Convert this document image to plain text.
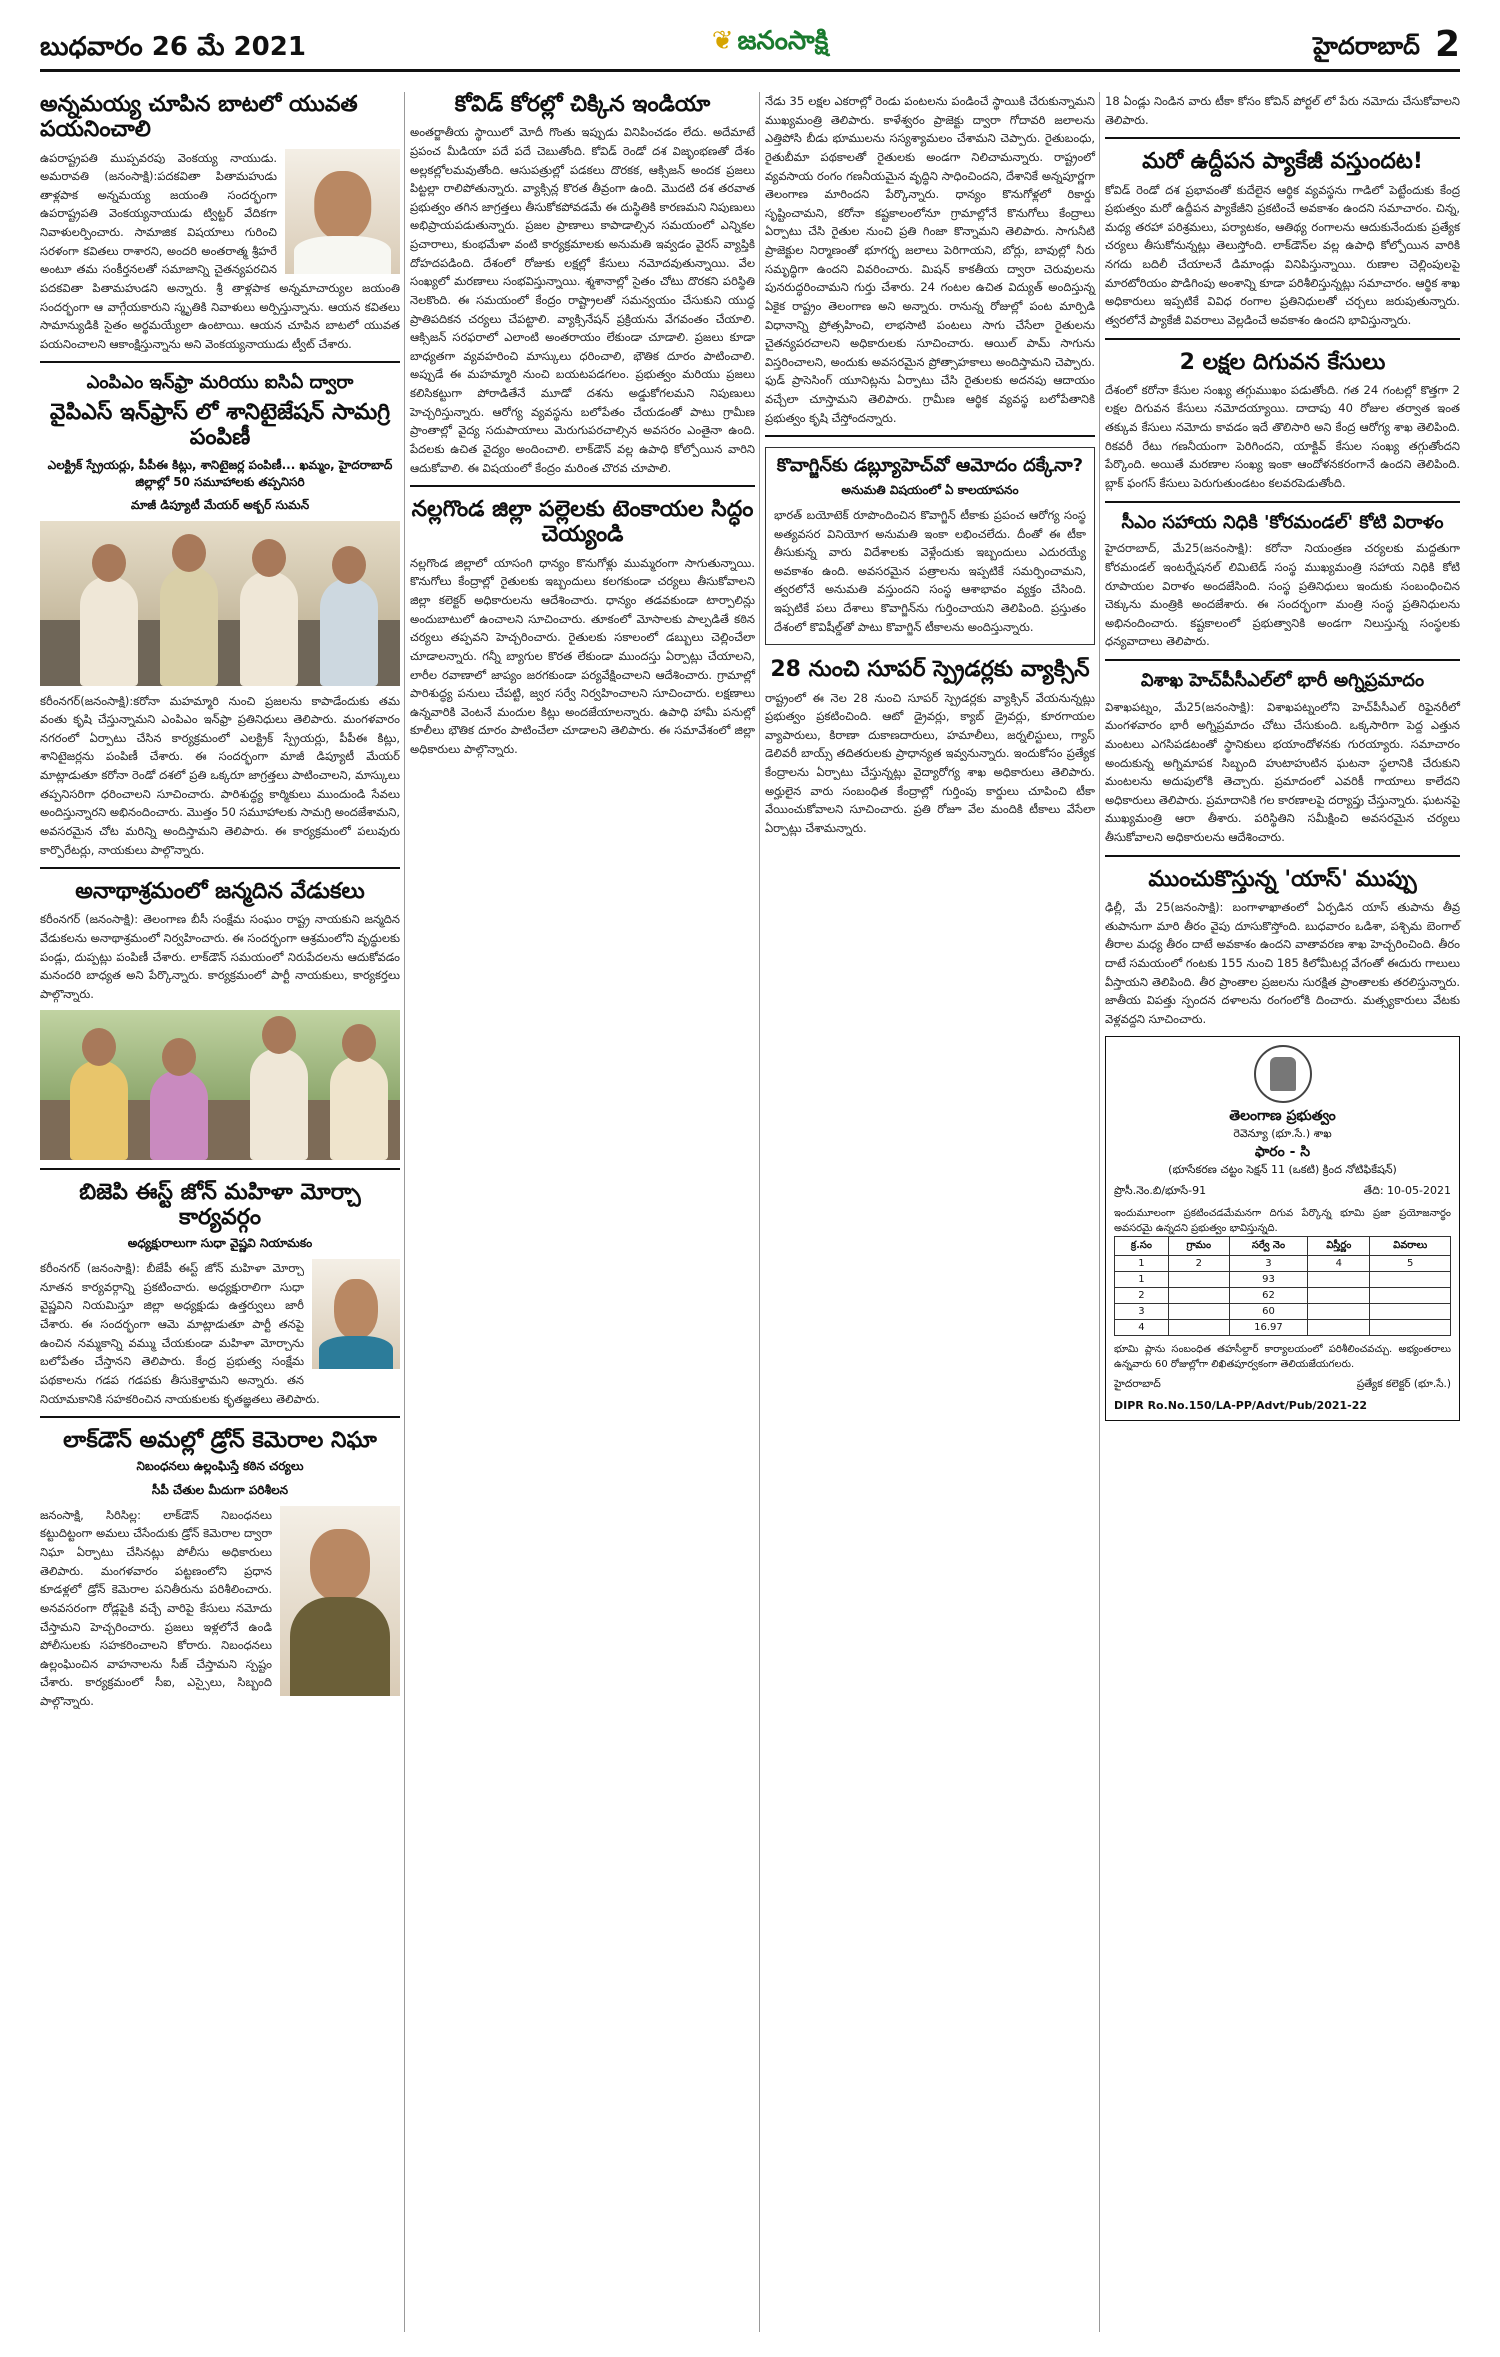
బుధవారం 26 మే 2021	❦ జనంసాక్షి	హైదరాబాద్ 2
అన్నమయ్య చూపిన బాటలో యువత పయనించాలి
ఉపరాష్ట్రపతి ముప్పవరపు వెంకయ్య నాయుడు. అమరావతి (జనంసాక్షి):పదకవితా పితామహుడు తాళ్లపాక అన్నమయ్య జయంతి సందర్భంగా ఉపరాష్ట్రపతి వెంకయ్యనాయుడు ట్విట్టర్ వేదికగా నివాళులర్పించారు. సామాజిక విషయాలు గురించి సరళంగా కవితలు రాశారని, అందరి అంతరాత్మ శ్రీహరే అంటూ తమ సంకీర్తనలతో సమాజాన్ని చైతన్యపరచిన పదకవితా పితామహుడని అన్నారు. శ్రీ తాళ్లపాక అన్నమాచార్యుల జయంతి సందర్భంగా ఆ వాగ్గేయకారుని స్మృతికి నివాళులు అర్పిస్తున్నాను. ఆయన కవితలు సామాన్యుడికి సైతం అర్థమయ్యేలా ఉంటాయి. ఆయన చూపిన బాటలో యువత పయనించాలని ఆకాంక్షిస్తున్నాను అని వెంకయ్యనాయుడు ట్వీట్ చేశారు.
ఎంపిఎం ఇన్‌ఫ్రా మరియు ఐసిఏ ద్వారా
వైపిఎస్ ఇన్‌ఫ్రాస్ లో శానిటైజేషన్ సామగ్రి పంపిణీ
ఎలక్ట్రిక్ స్ప్రేయర్లు, పీపీఈ కిట్లు, శానిటైజర్ల పంపిణీ... ఖమ్మం, హైదరాబాద్ జిల్లాల్లో 50 సమూహాలకు తప్పనిసరి
మాజీ డిప్యూటీ మేయర్ అక్బర్ సుమన్
కరీంనగర్(జనంసాక్షి):కరోనా మహమ్మారి నుంచి ప్రజలను కాపాడేందుకు తమ వంతు కృషి చేస్తున్నామని ఎంపిఎం ఇన్‌ఫ్రా ప్రతినిధులు తెలిపారు. మంగళవారం నగరంలో ఏర్పాటు చేసిన కార్యక్రమంలో ఎలక్ట్రిక్ స్ప్రేయర్లు, పీపీఈ కిట్లు, శానిటైజర్లను పంపిణీ చేశారు. ఈ సందర్భంగా మాజీ డిప్యూటీ మేయర్ మాట్లాడుతూ కరోనా రెండో దశలో ప్రతి ఒక్కరూ జాగ్రత్తలు పాటించాలని, మాస్కులు తప్పనిసరిగా ధరించాలని సూచించారు. పారిశుద్ధ్య కార్మికులు ముందుండి సేవలు అందిస్తున్నారని అభినందించారు. మొత్తం 50 సమూహాలకు సామగ్రి అందజేశామని, అవసరమైన చోట మరిన్ని అందిస్తామని తెలిపారు. ఈ కార్యక్రమంలో పలువురు కార్పొరేటర్లు, నాయకులు పాల్గొన్నారు.
అనాథాశ్రమంలో జన్మదిన వేడుకలు
కరీంనగర్ (జనంసాక్షి): తెలంగాణ బీసీ సంక్షేమ సంఘం రాష్ట్ర నాయకుని జన్మదిన వేడుకలను అనాథాశ్రమంలో నిర్వహించారు. ఈ సందర్భంగా ఆశ్రమంలోని వృద్ధులకు పండ్లు, దుప్పట్లు పంపిణీ చేశారు. లాక్‌డౌన్ సమయంలో నిరుపేదలను ఆదుకోవడం మనందరి బాధ్యత అని పేర్కొన్నారు. కార్యక్రమంలో పార్టీ నాయకులు, కార్యకర్తలు పాల్గొన్నారు.
బిజెపి ఈస్ట్ జోన్ మహిళా మోర్చా కార్యవర్గం
అధ్యక్షురాలుగా సుధా వైష్ణవి నియామకం
కరీంనగర్ (జనంసాక్షి): బీజేపీ ఈస్ట్ జోన్ మహిళా మోర్చా నూతన కార్యవర్గాన్ని ప్రకటించారు. అధ్యక్షురాలిగా సుధా వైష్ణవిని నియమిస్తూ జిల్లా అధ్యక్షుడు ఉత్తర్వులు జారీ చేశారు. ఈ సందర్భంగా ఆమె మాట్లాడుతూ పార్టీ తనపై ఉంచిన నమ్మకాన్ని వమ్ము చేయకుండా మహిళా మోర్చాను బలోపేతం చేస్తానని తెలిపారు. కేంద్ర ప్రభుత్వ సంక్షేమ పథకాలను గడప గడపకు తీసుకెళ్తామని అన్నారు. తన నియామకానికి సహకరించిన నాయకులకు కృతజ్ఞతలు తెలిపారు.
లాక్‌డౌన్ అమల్లో డ్రోన్ కెమెరాల నిఘా
నిబంధనలు ఉల్లంఘిస్తే కఠిన చర్యలు
సీపీ చేతుల మీదుగా పరిశీలన
జనంసాక్షి, సిరిసిల్ల: లాక్‌డౌన్ నిబంధనలు కట్టుదిట్టంగా అమలు చేసేందుకు డ్రోన్ కెమెరాల ద్వారా నిఘా ఏర్పాటు చేసినట్లు పోలీసు అధికారులు తెలిపారు. మంగళవారం పట్టణంలోని ప్రధాన కూడళ్లలో డ్రోన్ కెమెరాల పనితీరును పరిశీలించారు. అనవసరంగా రోడ్లపైకి వచ్చే వారిపై కేసులు నమోదు చేస్తామని హెచ్చరించారు. ప్రజలు ఇళ్లలోనే ఉండి పోలీసులకు సహకరించాలని కోరారు. నిబంధనలు ఉల్లంఘించిన వాహనాలను సీజ్ చేస్తామని స్పష్టం చేశారు. కార్యక్రమంలో సీఐ, ఎస్సైలు, సిబ్బంది పాల్గొన్నారు.
కోవిడ్ కోరల్లో చిక్కిన ఇండియా
అంతర్జాతీయ స్థాయిలో మోదీ గొంతు ఇప్పుడు వినిపించడం లేదు. అదేమాటే ప్రపంచ మీడియా పదే పదే చెబుతోంది. కోవిడ్ రెండో దశ విజృంభణతో దేశం అల్లకల్లోలమవుతోంది. ఆసుపత్రుల్లో పడకలు దొరకక, ఆక్సిజన్ అందక ప్రజలు పిట్టల్లా రాలిపోతున్నారు. వ్యాక్సిన్ల కొరత తీవ్రంగా ఉంది. మొదటి దశ తరవాత ప్రభుత్వం తగిన జాగ్రత్తలు తీసుకోకపోవడమే ఈ దుస్థితికి కారణమని నిపుణులు అభిప్రాయపడుతున్నారు. ప్రజల ప్రాణాలు కాపాడాల్సిన సమయంలో ఎన్నికల ప్రచారాలు, కుంభమేళా వంటి కార్యక్రమాలకు అనుమతి ఇవ్వడం వైరస్ వ్యాప్తికి దోహదపడింది. దేశంలో రోజుకు లక్షల్లో కేసులు నమోదవుతున్నాయి. వేల సంఖ్యలో మరణాలు సంభవిస్తున్నాయి. శ్మశానాల్లో సైతం చోటు దొరకని పరిస్థితి నెలకొంది. ఈ సమయంలో కేంద్రం రాష్ట్రాలతో సమన్వయం చేసుకుని యుద్ధ ప్రాతిపదికన చర్యలు చేపట్టాలి. వ్యాక్సినేషన్ ప్రక్రియను వేగవంతం చేయాలి. ఆక్సిజన్ సరఫరాలో ఎలాంటి అంతరాయం లేకుండా చూడాలి. ప్రజలు కూడా బాధ్యతగా వ్యవహరించి మాస్కులు ధరించాలి, భౌతిక దూరం పాటించాలి. అప్పుడే ఈ మహమ్మారి నుంచి బయటపడగలం. ప్రభుత్వం మరియు ప్రజలు కలిసికట్టుగా పోరాడితేనే మూడో దశను అడ్డుకోగలమని నిపుణులు హెచ్చరిస్తున్నారు. ఆరోగ్య వ్యవస్థను బలోపేతం చేయడంతో పాటు గ్రామీణ ప్రాంతాల్లో వైద్య సదుపాయాలు మెరుగుపరచాల్సిన అవసరం ఎంతైనా ఉంది. పేదలకు ఉచిత వైద్యం అందించాలి. లాక్‌డౌన్ వల్ల ఉపాధి కోల్పోయిన వారిని ఆదుకోవాలి. ఈ విషయంలో కేంద్రం మరింత చొరవ చూపాలి.
నల్లగొండ జిల్లా పల్లెలకు టెంకాయల సిద్ధం చెయ్యండి
నల్లగొండ జిల్లాలో యాసంగి ధాన్యం కొనుగోళ్లు ముమ్మరంగా సాగుతున్నాయి. కొనుగోలు కేంద్రాల్లో రైతులకు ఇబ్బందులు కలగకుండా చర్యలు తీసుకోవాలని జిల్లా కలెక్టర్ అధికారులను ఆదేశించారు. ధాన్యం తడవకుండా టార్పాలిన్లు అందుబాటులో ఉంచాలని సూచించారు. తూకంలో మోసాలకు పాల్పడితే కఠిన చర్యలు తప్పవని హెచ్చరించారు. రైతులకు సకాలంలో డబ్బులు చెల్లించేలా చూడాలన్నారు. గన్నీ బ్యాగుల కొరత లేకుండా ముందస్తు ఏర్పాట్లు చేయాలని, లారీల రవాణాలో జాప్యం జరగకుండా పర్యవేక్షించాలని ఆదేశించారు. గ్రామాల్లో పారిశుద్ధ్య పనులు చేపట్టి, జ్వర సర్వే నిర్వహించాలని సూచించారు. లక్షణాలు ఉన్నవారికి వెంటనే మందుల కిట్లు అందజేయాలన్నారు. ఉపాధి హామీ పనుల్లో కూలీలు భౌతిక దూరం పాటించేలా చూడాలని తెలిపారు. ఈ సమావేశంలో జిల్లా అధికారులు పాల్గొన్నారు.
నేడు 35 లక్షల ఎకరాల్లో రెండు పంటలను పండించే స్థాయికి చేరుకున్నామని ముఖ్యమంత్రి తెలిపారు. కాళేశ్వరం ప్రాజెక్టు ద్వారా గోదావరి జలాలను ఎత్తిపోసి బీడు భూములను సస్యశ్యామలం చేశామని చెప్పారు. రైతుబంధు, రైతుబీమా పథకాలతో రైతులకు అండగా నిలిచామన్నారు. రాష్ట్రంలో వ్యవసాయ రంగం గణనీయమైన వృద్ధిని సాధించిందని, దేశానికే అన్నపూర్ణగా తెలంగాణ మారిందని పేర్కొన్నారు. ధాన్యం కొనుగోళ్లలో రికార్డు సృష్టించామని, కరోనా కష్టకాలంలోనూ గ్రామాల్లోనే కొనుగోలు కేంద్రాలు ఏర్పాటు చేసి రైతుల నుంచి ప్రతి గింజా కొన్నామని తెలిపారు. సాగునీటి ప్రాజెక్టుల నిర్మాణంతో భూగర్భ జలాలు పెరిగాయని, బోర్లు, బావుల్లో నీరు సమృద్ధిగా ఉందని వివరించారు. మిషన్ కాకతీయ ద్వారా చెరువులను పునరుద్ధరించామని గుర్తు చేశారు. 24 గంటల ఉచిత విద్యుత్ అందిస్తున్న ఏకైక రాష్ట్రం తెలంగాణ అని అన్నారు. రానున్న రోజుల్లో పంట మార్పిడి విధానాన్ని ప్రోత్సహించి, లాభసాటి పంటలు సాగు చేసేలా రైతులను చైతన్యపరచాలని అధికారులకు సూచించారు. ఆయిల్ పామ్ సాగును విస్తరించాలని, అందుకు అవసరమైన ప్రోత్సాహకాలు అందిస్తామని చెప్పారు. ఫుడ్ ప్రాసెసింగ్ యూనిట్లను ఏర్పాటు చేసి రైతులకు అదనపు ఆదాయం వచ్చేలా చూస్తామని తెలిపారు. గ్రామీణ ఆర్థిక వ్యవస్థ బలోపేతానికి ప్రభుత్వం కృషి చేస్తోందన్నారు.
కొవాగ్జిన్‌కు డబ్ల్యూహెచ్‌వో ఆమోదం దక్కేనా?
అనుమతి విషయంలో ఏ కాలయాపనం
భారత్ బయోటెక్ రూపొందించిన కొవాగ్జిన్ టీకాకు ప్రపంచ ఆరోగ్య సంస్థ అత్యవసర వినియోగ అనుమతి ఇంకా లభించలేదు. దీంతో ఈ టీకా తీసుకున్న వారు విదేశాలకు వెళ్లేందుకు ఇబ్బందులు ఎదురయ్యే అవకాశం ఉంది. అవసరమైన పత్రాలను ఇప్పటికే సమర్పించామని, త్వరలోనే అనుమతి వస్తుందని సంస్థ ఆశాభావం వ్యక్తం చేసింది. ఇప్పటికే పలు దేశాలు కొవాగ్జిన్‌ను గుర్తించాయని తెలిపింది. ప్రస్తుతం దేశంలో కొవిషీల్డ్‌తో పాటు కొవాగ్జిన్ టీకాలను అందిస్తున్నారు.
28 నుంచి సూపర్ స్ప్రెడర్లకు వ్యాక్సిన్
రాష్ట్రంలో ఈ నెల 28 నుంచి సూపర్ స్ప్రెడర్లకు వ్యాక్సిన్ వేయనున్నట్లు ప్రభుత్వం ప్రకటించింది. ఆటో డ్రైవర్లు, క్యాబ్ డ్రైవర్లు, కూరగాయల వ్యాపారులు, కిరాణా దుకాణదారులు, హమాలీలు, జర్నలిస్టులు, గ్యాస్ డెలివరీ బాయ్స్ తదితరులకు ప్రాధాన్యత ఇవ్వనున్నారు. ఇందుకోసం ప్రత్యేక కేంద్రాలను ఏర్పాటు చేస్తున్నట్లు వైద్యారోగ్య శాఖ అధికారులు తెలిపారు. అర్హులైన వారు సంబంధిత కేంద్రాల్లో గుర్తింపు కార్డులు చూపించి టీకా వేయించుకోవాలని సూచించారు. ప్రతి రోజూ వేల మందికి టీకాలు వేసేలా ఏర్పాట్లు చేశామన్నారు.
18 ఏండ్లు నిండిన వారు టీకా కోసం కోవిన్ పోర్టల్ లో పేరు నమోదు చేసుకోవాలని తెలిపారు.
మరో ఉద్దీపన ప్యాకేజీ వస్తుందట!
కోవిడ్ రెండో దశ ప్రభావంతో కుదేలైన ఆర్థిక వ్యవస్థను గాడిలో పెట్టేందుకు కేంద్ర ప్రభుత్వం మరో ఉద్దీపన ప్యాకేజీని ప్రకటించే అవకాశం ఉందని సమాచారం. చిన్న, మధ్య తరహా పరిశ్రమలు, పర్యాటకం, ఆతిథ్య రంగాలను ఆదుకునేందుకు ప్రత్యేక చర్యలు తీసుకోనున్నట్లు తెలుస్తోంది. లాక్‌డౌన్‌ల వల్ల ఉపాధి కోల్పోయిన వారికి నగదు బదిలీ చేయాలనే డిమాండ్లు వినిపిస్తున్నాయి. రుణాల చెల్లింపులపై మారటోరియం పొడిగింపు అంశాన్ని కూడా పరిశీలిస్తున్నట్లు సమాచారం. ఆర్థిక శాఖ అధికారులు ఇప్పటికే వివిధ రంగాల ప్రతినిధులతో చర్చలు జరుపుతున్నారు. త్వరలోనే ప్యాకేజీ వివరాలు వెల్లడించే అవకాశం ఉందని భావిస్తున్నారు.
2 లక్షల దిగువన కేసులు
దేశంలో కరోనా కేసుల సంఖ్య తగ్గుముఖం పడుతోంది. గత 24 గంటల్లో కొత్తగా 2 లక్షల దిగువన కేసులు నమోదయ్యాయి. దాదాపు 40 రోజుల తర్వాత ఇంత తక్కువ కేసులు నమోదు కావడం ఇదే తొలిసారి అని కేంద్ర ఆరోగ్య శాఖ తెలిపింది. రికవరీ రేటు గణనీయంగా పెరిగిందని, యాక్టివ్ కేసుల సంఖ్య తగ్గుతోందని పేర్కొంది. అయితే మరణాల సంఖ్య ఇంకా ఆందోళనకరంగానే ఉందని తెలిపింది. బ్లాక్ ఫంగస్ కేసులు పెరుగుతుండటం కలవరపెడుతోంది.
సీఎం సహాయ నిధికి 'కోరమండల్' కోటి విరాళం
హైదరాబాద్, మే25(జనంసాక్షి): కరోనా నియంత్రణ చర్యలకు మద్దతుగా కోరమండల్ ఇంటర్నేషనల్ లిమిటెడ్ సంస్థ ముఖ్యమంత్రి సహాయ నిధికి కోటి రూపాయల విరాళం అందజేసింది. సంస్థ ప్రతినిధులు ఇందుకు సంబంధించిన చెక్కును మంత్రికి అందజేశారు. ఈ సందర్భంగా మంత్రి సంస్థ ప్రతినిధులను అభినందించారు. కష్టకాలంలో ప్రభుత్వానికి అండగా నిలుస్తున్న సంస్థలకు ధన్యవాదాలు తెలిపారు.
విశాఖ హెచ్‌పీసీఎల్‌లో భారీ అగ్నిప్రమాదం
విశాఖపట్నం, మే25(జనంసాక్షి): విశాఖపట్నంలోని హెచ్‌పీసీఎల్ రిఫైనరీలో మంగళవారం భారీ అగ్నిప్రమాదం చోటు చేసుకుంది. ఒక్కసారిగా పెద్ద ఎత్తున మంటలు ఎగసిపడటంతో స్థానికులు భయాందోళనకు గురయ్యారు. సమాచారం అందుకున్న అగ్నిమాపక సిబ్బంది హుటాహుటిన ఘటనా స్థలానికి చేరుకుని మంటలను అదుపులోకి తెచ్చారు. ప్రమాదంలో ఎవరికీ గాయాలు కాలేదని అధికారులు తెలిపారు. ప్రమాదానికి గల కారణాలపై దర్యాప్తు చేస్తున్నారు. ఘటనపై ముఖ్యమంత్రి ఆరా తీశారు. పరిస్థితిని సమీక్షించి అవసరమైన చర్యలు తీసుకోవాలని అధికారులను ఆదేశించారు.
ముంచుకొస్తున్న 'యాస్' ముప్పు
ఢిల్లీ, మే 25(జనంసాక్షి): బంగాళాఖాతంలో ఏర్పడిన యాస్ తుపాను తీవ్ర తుపానుగా మారి తీరం వైపు దూసుకొస్తోంది. బుధవారం ఒడిశా, పశ్చిమ బెంగాల్ తీరాల మధ్య తీరం దాటే అవకాశం ఉందని వాతావరణ శాఖ హెచ్చరించింది. తీరం దాటే సమయంలో గంటకు 155 నుంచి 185 కిలోమీటర్ల వేగంతో ఈదురు గాలులు వీస్తాయని తెలిపింది. తీర ప్రాంతాల ప్రజలను సురక్షిత ప్రాంతాలకు తరలిస్తున్నారు. జాతీయ విపత్తు స్పందన దళాలను రంగంలోకి దించారు. మత్స్యకారులు వేటకు వెళ్లవద్దని సూచించారు.
తెలంగాణ ప్రభుత్వం
రెవెన్యూ (భూ.సే.) శాఖ
ఫారం - సి
(భూసేకరణ చట్టం సెక్షన్ 11 (ఒకటి) క్రింద నోటిఫికేషన్)
ప్రొసీ.నెం.బి/భూసే-91	తేది: 10-05-2021
ఇందుమూలంగా ప్రకటించడమేమనగా దిగువ పేర్కొన్న భూమి ప్రజా ప్రయోజనార్థం అవసరమై ఉన్నదని ప్రభుత్వం భావిస్తున్నది.
క్ర.సం	గ్రామం	సర్వే నెం	విస్తీర్ణం	వివరాలు
1	2	3	4	5
1		93		
2		62		
3		60		
4		16.97		
భూమి ప్లాను సంబంధిత తహసీల్దార్ కార్యాలయంలో పరిశీలించవచ్చు. అభ్యంతరాలు ఉన్నవారు 60 రోజుల్లోగా లిఖితపూర్వకంగా తెలియజేయగలరు.
హైదరాబాద్	ప్రత్యేక కలెక్టర్ (భూ.సే.)
DIPR Ro.No.150/LA-PP/Advt/Pub/2021-22
